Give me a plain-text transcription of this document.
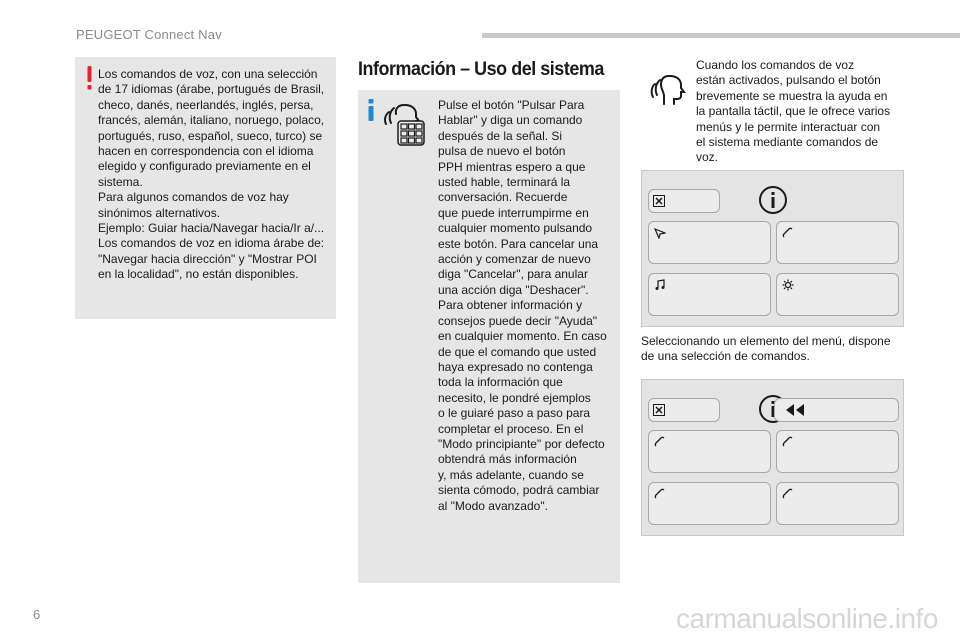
PEUGEOT Connect Nav
Los comandos de voz, con una selección
de 17 idiomas (árabe, portugués de Brasil,
checo, danés, neerlandés, inglés, persa,
francés, alemán, italiano, noruego, polaco,
portugués, ruso, español, sueco, turco) se
hacen en correspondencia con el idioma
elegido y configurado previamente en el
sistema.
Para algunos comandos de voz hay
sinónimos alternativos.
Ejemplo: Guiar hacia/Navegar hacia/Ir a/...
Los comandos de voz en idioma árabe de:
"Navegar hacia dirección" y "Mostrar POI
en la localidad", no están disponibles.
Información – Uso del sistema
Pulse el botón "Pulsar Para
Hablar" y diga un comando
después de la señal. Si
pulsa de nuevo el botón
PPH mientras espero a que
usted hable, terminará la
conversación. Recuerde
que puede interrumpirme en
cualquier momento pulsando
este botón. Para cancelar una
acción y comenzar de nuevo
diga "Cancelar", para anular
una acción diga "Deshacer".
Para obtener información y
consejos puede decir "Ayuda"
en cualquier momento. En caso
de que el comando que usted
haya expresado no contenga
toda la información que
necesito, le pondré ejemplos
o le guiaré paso a paso para
completar el proceso. En el
"Modo principiante" por defecto
obtendrá más información
y, más adelante, cuando se
sienta cómodo, podrá cambiar
al "Modo avanzado".
Cuando los comandos de voz
están activados, pulsando el botón
brevemente se muestra la ayuda en
la pantalla táctil, que le ofrece varios
menús y le permite interactuar con
el sistema mediante comandos de
voz.
Seleccionando un elemento del menú, dispone
de una selección de comandos.
6	carmanualsonline.info
